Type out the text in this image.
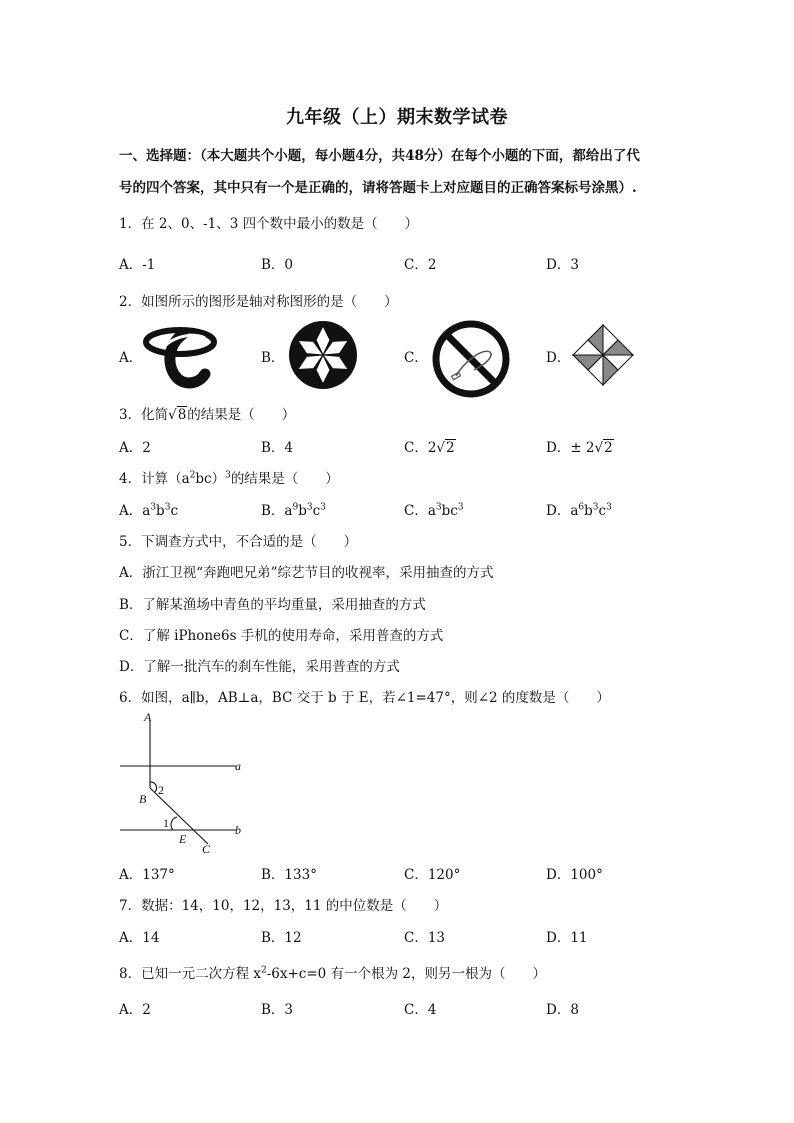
九年级（上）期末数学试卷
一、选择题：（本大题共个小题，每小题4分，共48分）在每个小题的下面，都给出了代
号的四个答案，其中只有一个是正确的，请将答题卡上对应题目的正确答案标号涂黑）.
1．在 2、0、-1、3 四个数中最小的数是（　　）
A．-1	B．0	C．2	D．3
2．如图所示的图形是轴对称图形的是（　　）
A．	B．	C．	D．
3．化简√8的结果是（　　）
A．2	B．4	C．2√2	D．± 2√2
4．计算$(a^2bc)^3$的结果是（　　）
A．$a^3b^3c$	B．$a^9b^3c^3$	C．$a^3bc^3$	D．$a^6b^3c^3$
5．下调查方式中，不合适的是（　　）
A．浙江卫视“奔跑吧兄弟”综艺节目的收视率，采用抽查的方式
B．了解某渔场中青鱼的平均重量，采用抽查的方式
C．了解 iPhone6s 手机的使用寿命，采用普查的方式
D．了解一批汽车的刹车性能，采用普查的方式
6．如图，a∥b，AB⊥a，BC 交于 b 于 E，若∠1=47°，则∠2 的度数是（　　）
A
a
2
B
1	b
E
C
A．137°	B．133°	C．120°	D．100°
7．数据：14，10，12，13，11 的中位数是（　　）
A．14	B．12	C．13	D．11
8．已知一元二次方程 $x^2-6x+c=0$ 有一个根为 2，则另一根为（　　）
A．2	B．3	C．4	D．8
